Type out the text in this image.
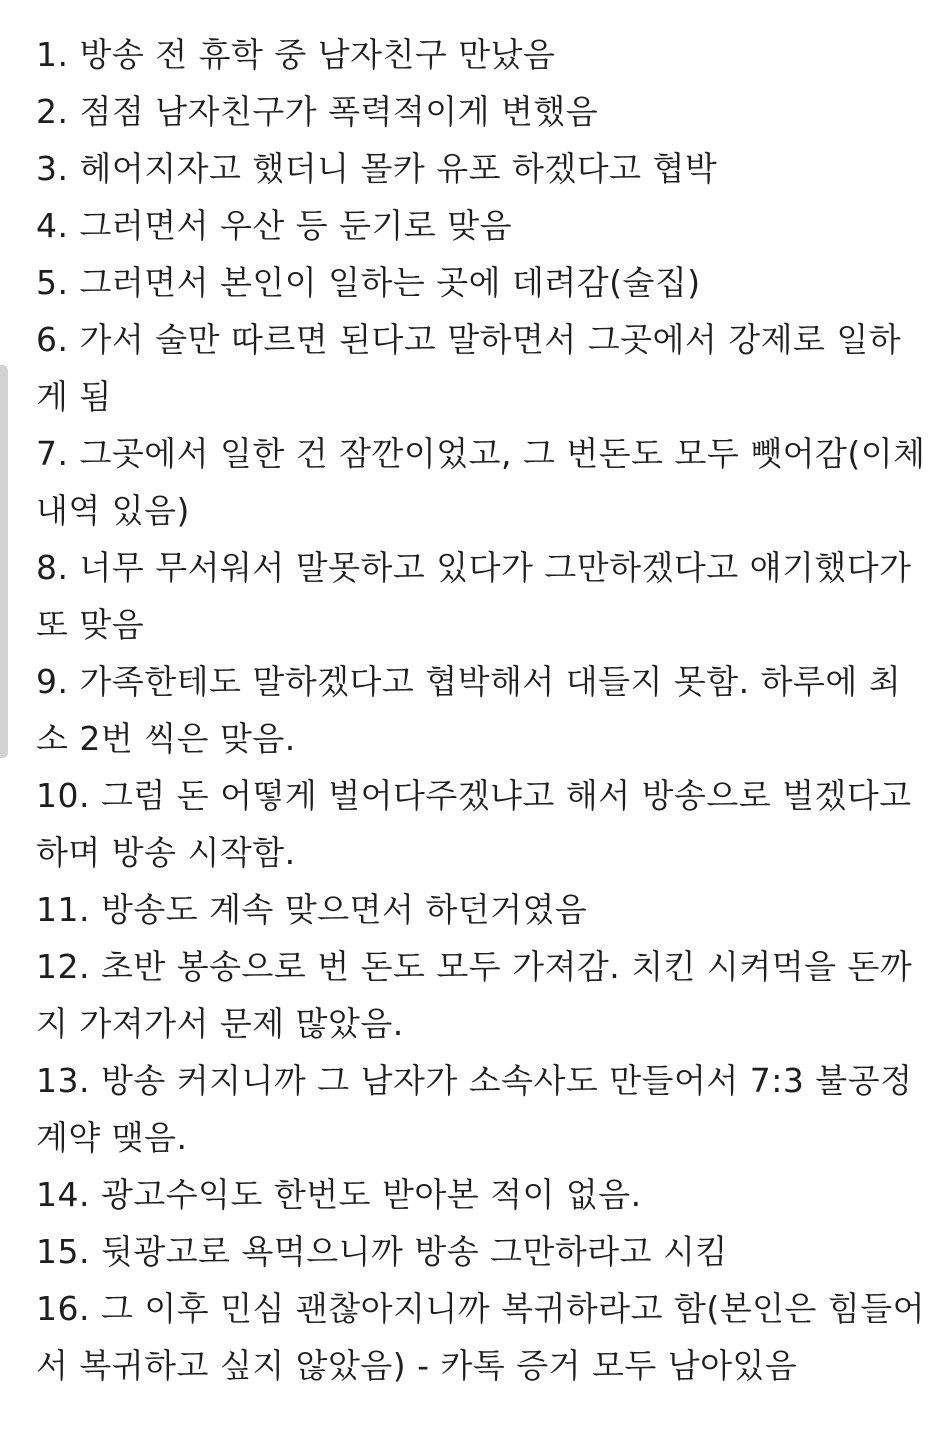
1. 방송 전 휴학 중 남자친구 만났음
2. 점점 남자친구가 폭력적이게 변했음
3. 헤어지자고 했더니 몰카 유포 하겠다고 협박
4. 그러면서 우산 등 둔기로 맞음
5. 그러면서 본인이 일하는 곳에 데려감(술집)
6. 가서 술만 따르면 된다고 말하면서 그곳에서 강제로 일하
게 됨
7. 그곳에서 일한 건 잠깐이었고, 그 번돈도 모두 뺏어감(이체
내역 있음)
8. 너무 무서워서 말못하고 있다가 그만하겠다고 얘기했다가
또 맞음
9. 가족한테도 말하겠다고 협박해서 대들지 못함. 하루에 최
소 2번 씩은 맞음.
10. 그럼 돈 어떻게 벌어다주겠냐고 해서 방송으로 벌겠다고
하며 방송 시작함.
11. 방송도 계속 맞으면서 하던거였음
12. 초반 봉송으로 번 돈도 모두 가져감. 치킨 시켜먹을 돈까
지 가져가서 문제 많았음.
13. 방송 커지니까 그 남자가 소속사도 만들어서 7:3 불공정
계약 맺음.
14. 광고수익도 한번도 받아본 적이 없음.
15. 뒷광고로 욕먹으니까 방송 그만하라고 시킴
16. 그 이후 민심 괜찮아지니까 복귀하라고 함(본인은 힘들어
서 복귀하고 싶지 않았음) - 카톡 증거 모두 남아있음
